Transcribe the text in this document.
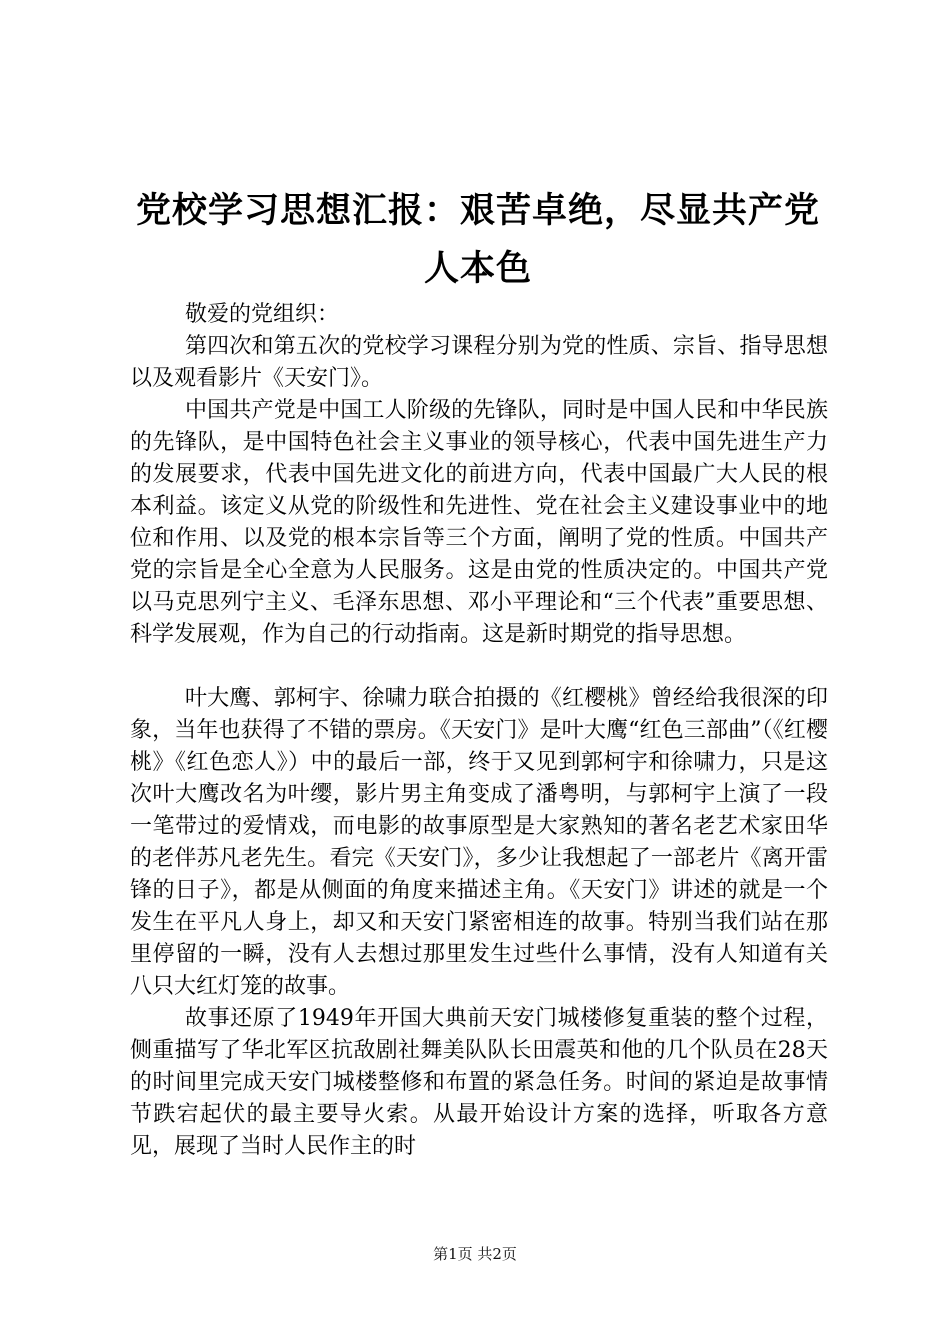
党校学习思想汇报：艰苦卓绝，尽显共产党人本色

敬爱的党组织：

第四次和第五次的党校学习课程分别为党的性质、宗旨、指导思想以及观看影片《天安门》。

中国共产党是中国工人阶级的先锋队，同时是中国人民和中华民族的先锋队，是中国特色社会主义事业的领导核心，代表中国先进生产力的发展要求，代表中国先进文化的前进方向，代表中国最广大人民的根本利益。该定义从党的阶级性和先进性、党在社会主义建设事业中的地位和作用、以及党的根本宗旨等三个方面，阐明了党的性质。中国共产党的宗旨是全心全意为人民服务。这是由党的性质决定的。中国共产党以马克思列宁主义、毛泽东思想、邓小平理论和“三个代表”重要思想、科学发展观，作为自己的行动指南。这是新时期党的指导思想。

叶大鹰、郭柯宇、徐啸力联合拍摄的《红樱桃》曾经给我很深的印象，当年也获得了不错的票房。《天安门》是叶大鹰“红色三部曲”（《红樱桃》《红色恋人》）中的最后一部，终于又见到郭柯宇和徐啸力，只是这次叶大鹰改名为叶缨，影片男主角变成了潘粤明，与郭柯宇上演了一段一笔带过的爱情戏，而电影的故事原型是大家熟知的著名老艺术家田华的老伴苏凡老先生。看完《天安门》，多少让我想起了一部老片《离开雷锋的日子》，都是从侧面的角度来描述主角。《天安门》讲述的就是一个发生在平凡人身上，却又和天安门紧密相连的故事。特别当我们站在那里停留的一瞬，没有人去想过那里发生过些什么事情，没有人知道有关八只大红灯笼的故事。

故事还原了1949年开国大典前天安门城楼修复重装的整个过程，侧重描写了华北军区抗敌剧社舞美队队长田震英和他的几个队员在28天的时间里完成天安门城楼整修和布置的紧急任务。时间的紧迫是故事情节跌宕起伏的最主要导火索。从最开始设计方案的选择，听取各方意见，展现了当时人民作主的时

第1页 共2页
